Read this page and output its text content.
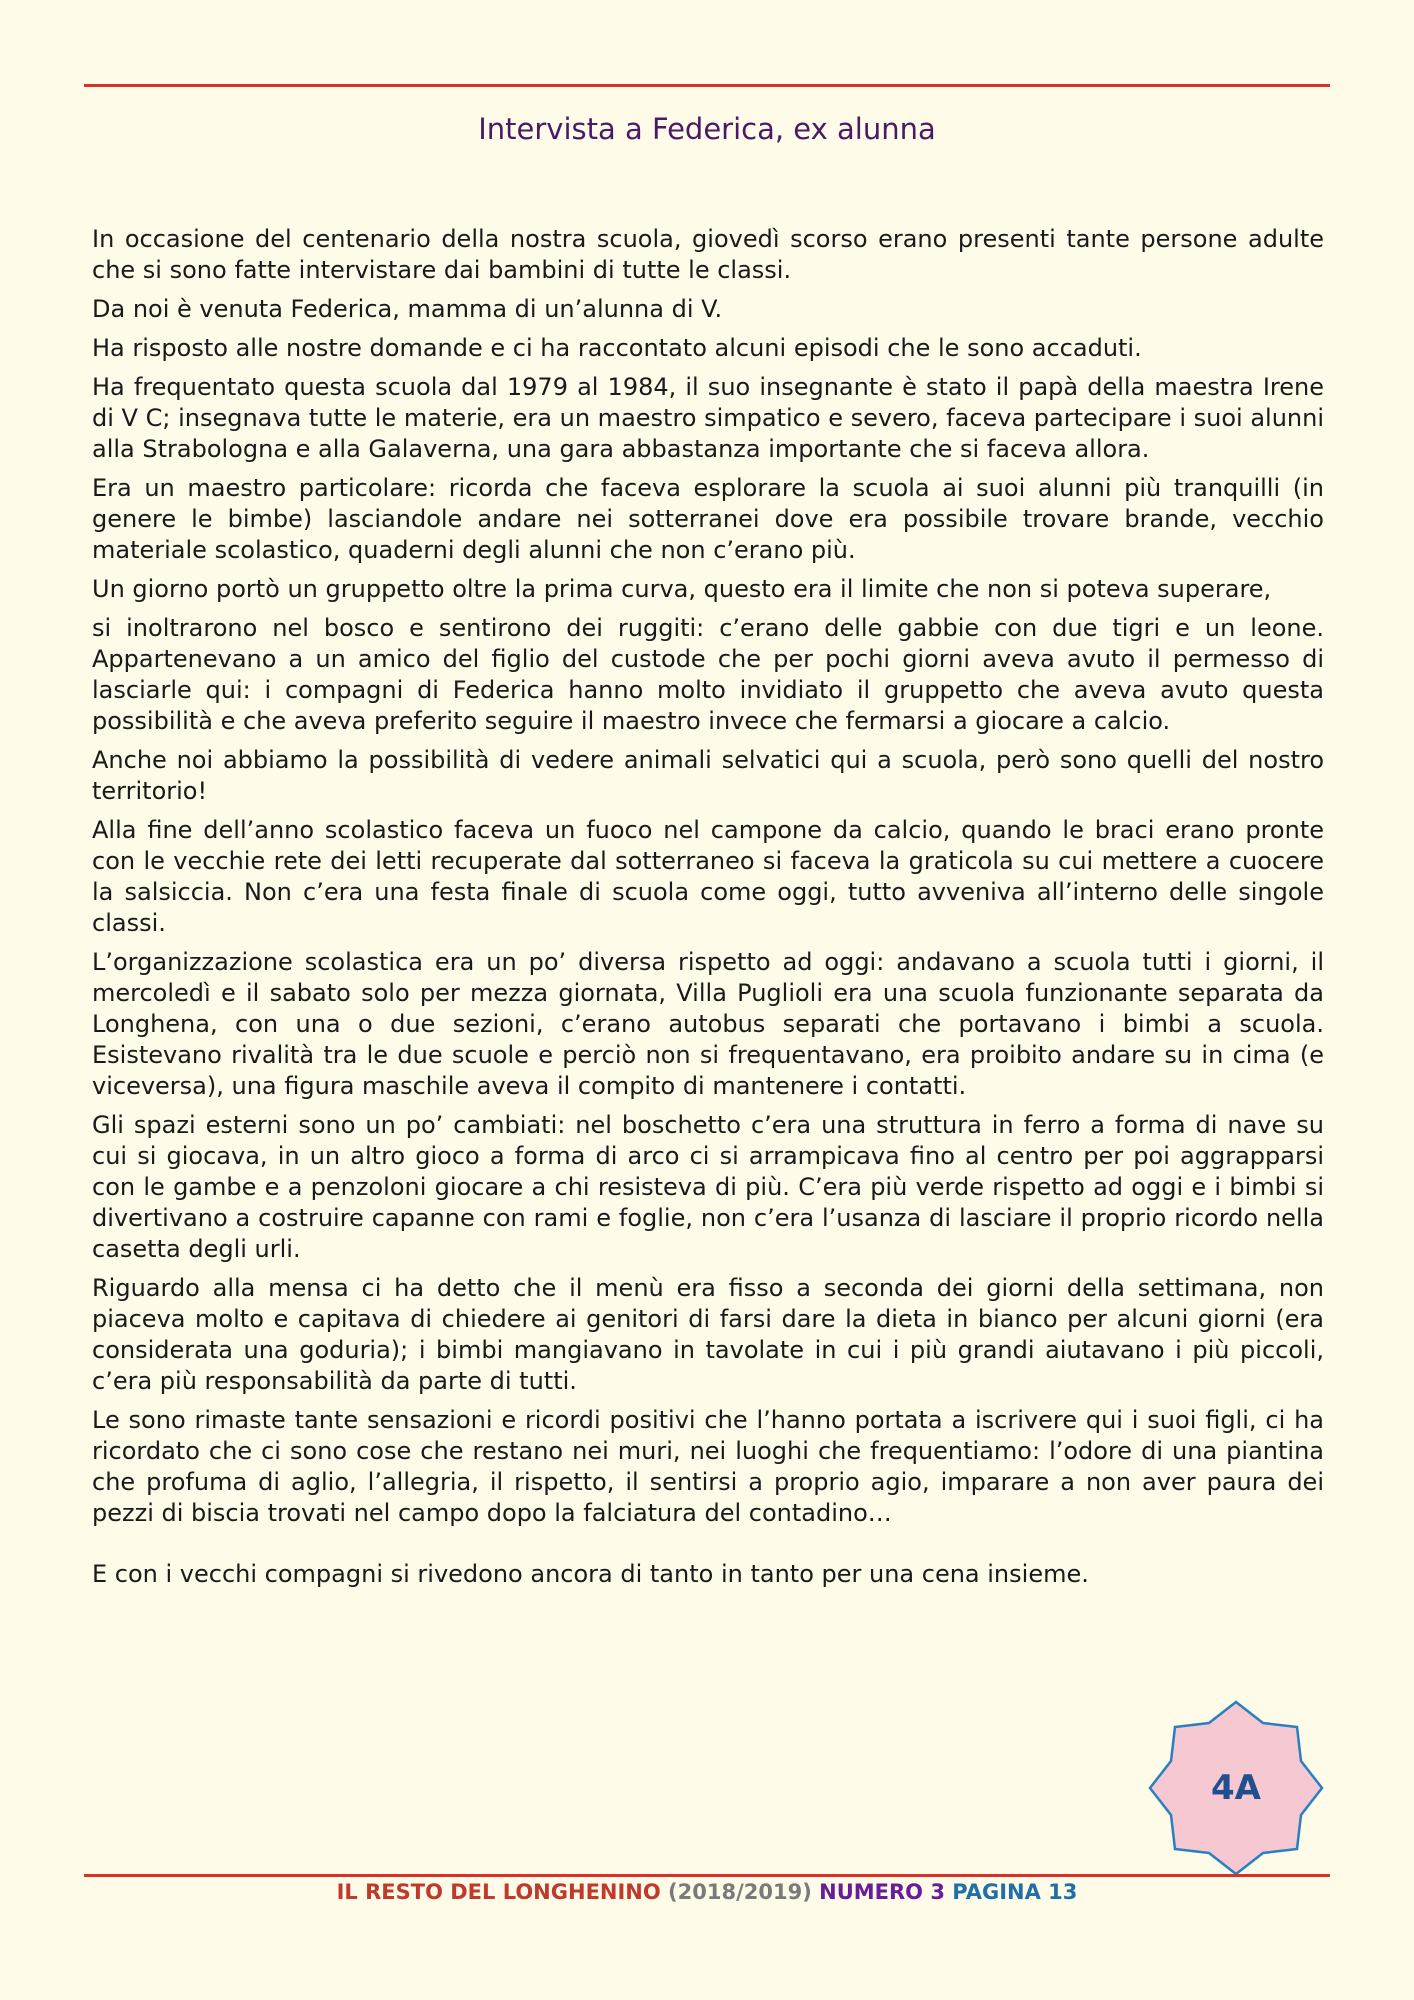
Intervista a Federica, ex alunna

In occasione del centenario della nostra scuola, giovedì scorso erano presenti tante persone adulte che si sono fatte intervistare dai bambini di tutte le classi.

Da noi è venuta Federica, mamma di un’alunna di V.

Ha risposto alle nostre domande e ci ha raccontato alcuni episodi che le sono accaduti.

Ha frequentato questa scuola dal 1979 al 1984, il suo insegnante è stato il papà della maestra Irene di V C; insegnava tutte le materie, era un maestro simpatico e severo, faceva partecipare i suoi alunni alla Strabologna e alla Galaverna, una gara abbastanza importante che si faceva allora.

Era un maestro particolare: ricorda che faceva esplorare la scuola ai suoi alunni più tranquilli (in genere le bimbe) lasciandole andare nei sotterranei dove era possibile trovare brande, vecchio materiale scolastico, quaderni degli alunni che non c’erano più.

Un giorno portò un gruppetto oltre la prima curva, questo era il limite che non si poteva superare,

si inoltrarono nel bosco e sentirono dei ruggiti: c’erano delle gabbie con due tigri e un leone. Appartenevano a un amico del figlio del custode che per pochi giorni aveva avuto il permesso di lasciarle qui: i compagni di Federica hanno molto invidiato il gruppetto che aveva avuto questa possibilità e che aveva preferito seguire il maestro invece che fermarsi a giocare a calcio.

Anche noi abbiamo la possibilità di vedere animali selvatici qui a scuola, però sono quelli del nostro territorio!

Alla fine dell’anno scolastico faceva un fuoco nel campone da calcio, quando le braci erano pronte con le vecchie rete dei letti recuperate dal sotterraneo si faceva la graticola su cui mettere a cuocere la salsiccia. Non c’era una festa finale di scuola come oggi, tutto avveniva all’interno delle singole classi.

L’organizzazione scolastica era un po’ diversa rispetto ad oggi: andavano a scuola tutti i giorni, il mercoledì e il sabato solo per mezza giornata, Villa Puglioli era una scuola funzionante separata da Longhena, con una o due sezioni, c’erano autobus separati che portavano i bimbi a scuola. Esistevano rivalità tra le due scuole e perciò non si frequentavano, era proibito andare su in cima (e viceversa), una figura maschile aveva il compito di mantenere i contatti.

Gli spazi esterni sono un po’ cambiati: nel boschetto c’era una struttura in ferro a forma di nave su cui si giocava, in un altro gioco a forma di arco ci si arrampicava fino al centro per poi aggrapparsi con le gambe e a penzoloni giocare a chi resisteva di più. C’era più verde rispetto ad oggi e i bimbi si divertivano a costruire capanne con rami e foglie, non c’era l’usanza di lasciare il proprio ricordo nella casetta degli urli.

Riguardo alla mensa ci ha detto che il menù era fisso a seconda dei giorni della settimana, non piaceva molto e capitava di chiedere ai genitori di farsi dare la dieta in bianco per alcuni giorni (era considerata una goduria); i bimbi mangiavano in tavolate in cui i più grandi aiutavano i più piccoli, c’era più responsabilità da parte di tutti.

Le sono rimaste tante sensazioni e ricordi positivi che l’hanno portata a iscrivere qui i suoi figli, ci ha ricordato che ci sono cose che restano nei muri, nei luoghi che frequentiamo: l’odore di una piantina che profuma di aglio, l’allegria, il rispetto, il sentirsi a proprio agio, imparare a non aver paura dei pezzi di biscia trovati nel campo dopo la falciatura del contadino…

E con i vecchi compagni si rivedono ancora di tanto in tanto per una cena insieme.

4A
IL RESTO DEL LONGHENINO (2018/2019) NUMERO 3 PAGINA 13
